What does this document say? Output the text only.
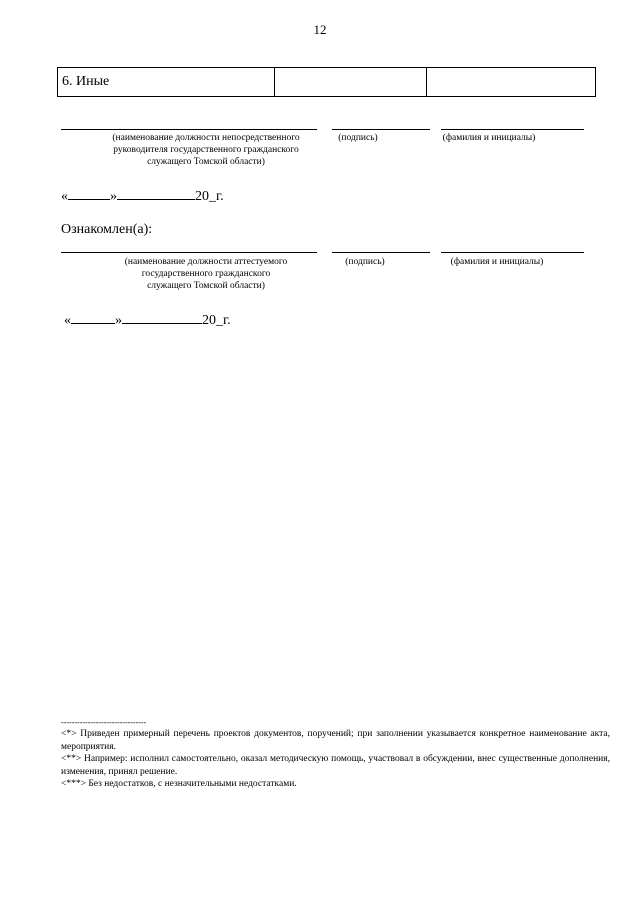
12
6. Иные		
(наименование должности непосредственного
руководителя государственного гражданского
служащего Томской области)
(подпись)	(фамилия и инициалы)
«	»	20_г.
Ознакомлен(а):
(наименование должности аттестуемого
государственного гражданского
служащего Томской области)
(подпись)	(фамилия и инициалы)
«	»	20_г.
--------------------------------
<*> Приведен примерный перечень проектов документов, поручений; при заполнении указывается конкретное наименование акта, мероприятия.
<**> Например: исполнил самостоятельно, оказал методическую помощь, участвовал в обсуждении, внес существенные дополнения, изменения, принял решение.
<***> Без недостатков, с незначительными недостатками.
